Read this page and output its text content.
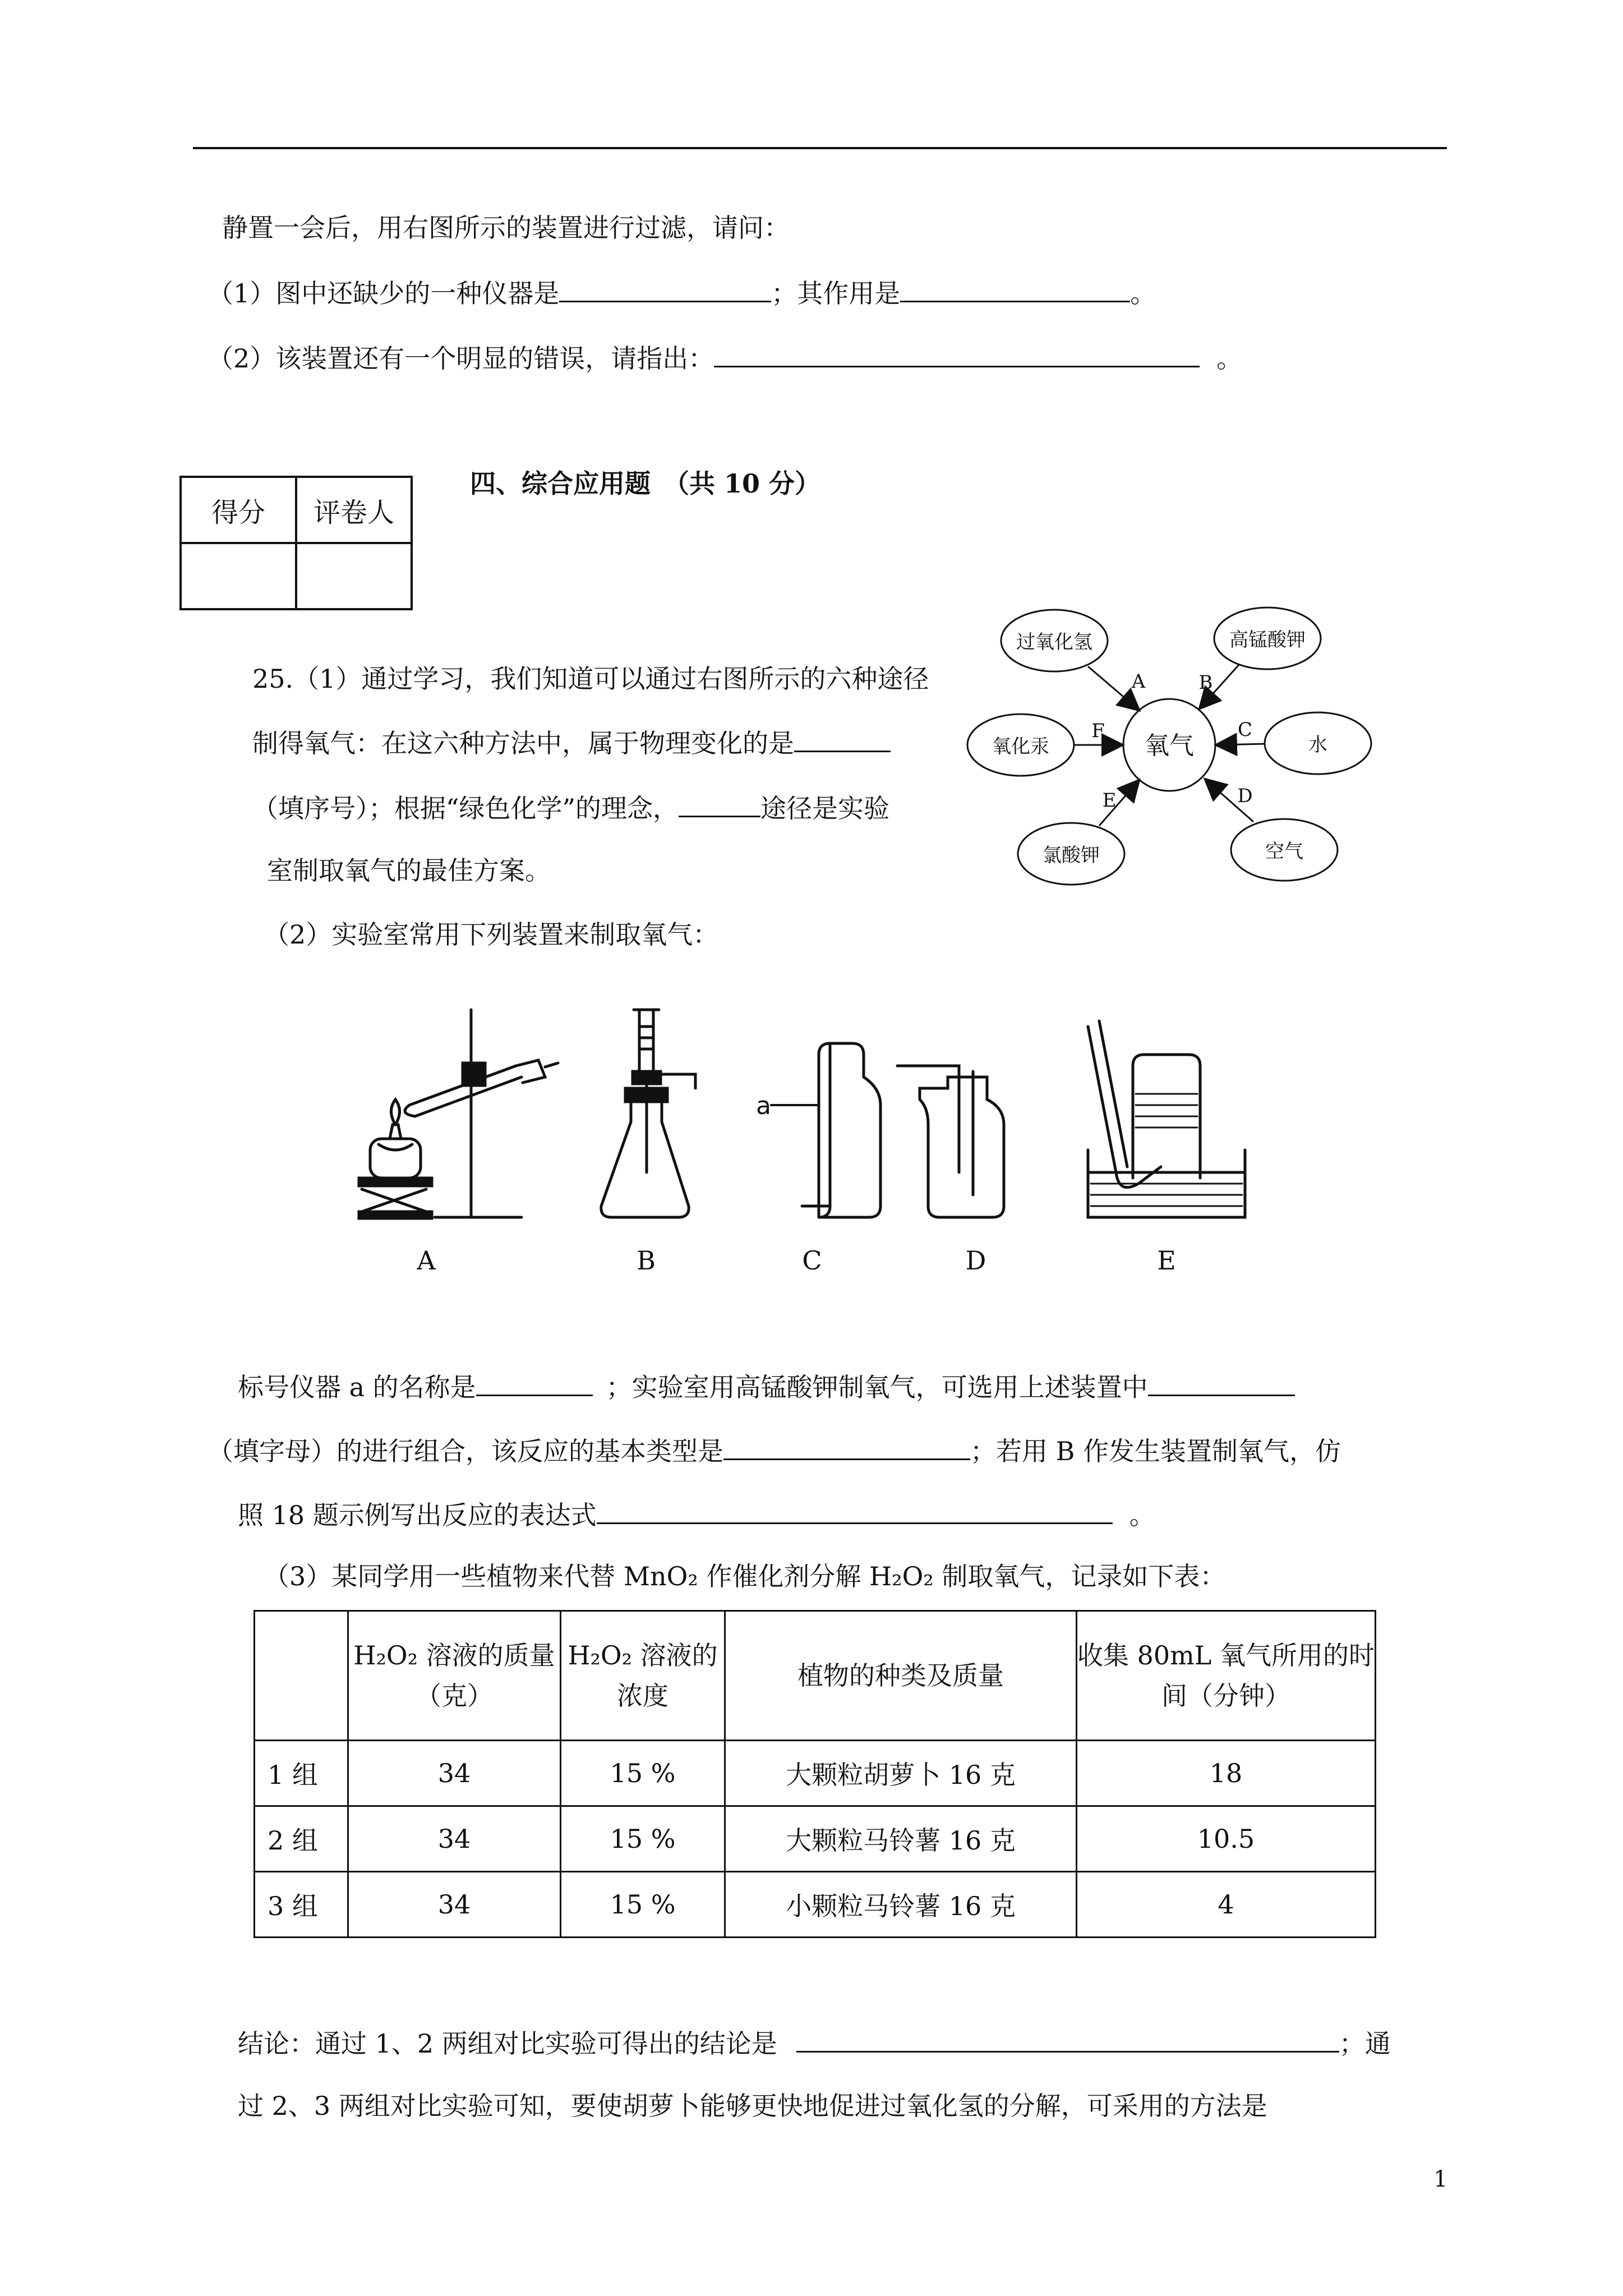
静置一会后，用右图所示的装置进行过滤，请问：
（1）图中还缺少的一种仪器是	；其作用是	。
（2）该装置还有一个明显的错误，请指出：	。
得分	评卷人

四、综合应用题　（共 10 分）
25.（1）通过学习，我们知道可以通过右图所示的六种途径
制得氧气：在这六种方法中，属于物理变化的是
（填序号）；根据“绿色化学”的理念，	途径是实验
室制取氧气的最佳方案。
（2）实验室常用下列装置来制取氧气：
氧气
过氧化氢	高锰酸钾
水
空气
氯酸钾
氧化汞
A	B
C
D
E
F
a
A	B	C	D	E
标号仪器 a 的名称是	；实验室用高锰酸钾制氧气，可选用上述装置中
（填字母）的进行组合，该反应的基本类型是	；若用 B 作发生装置制氧气，仿
照 18 题示例写出反应的表达式	。
（3）某同学用一些植物来代替 MnO₂ 作催化剂分解 H₂O₂ 制取氧气，记录如下表：
	H₂O₂ 溶液的质量（克）	H₂O₂ 溶液的浓度	植物的种类及质量	收集 80mL 氧气所用的时间（分钟）
1 组	34	15 %	大颗粒胡萝卜 16 克	18
2 组	34	15 %	大颗粒马铃薯 16 克	10.5
3 组	34	15 %	小颗粒马铃薯 16 克	4
结论：通过 1、2 两组对比实验可得出的结论是	；通
过 2、3 两组对比实验可知，要使胡萝卜能够更快地促进过氧化氢的分解，可采用的方法是
1
